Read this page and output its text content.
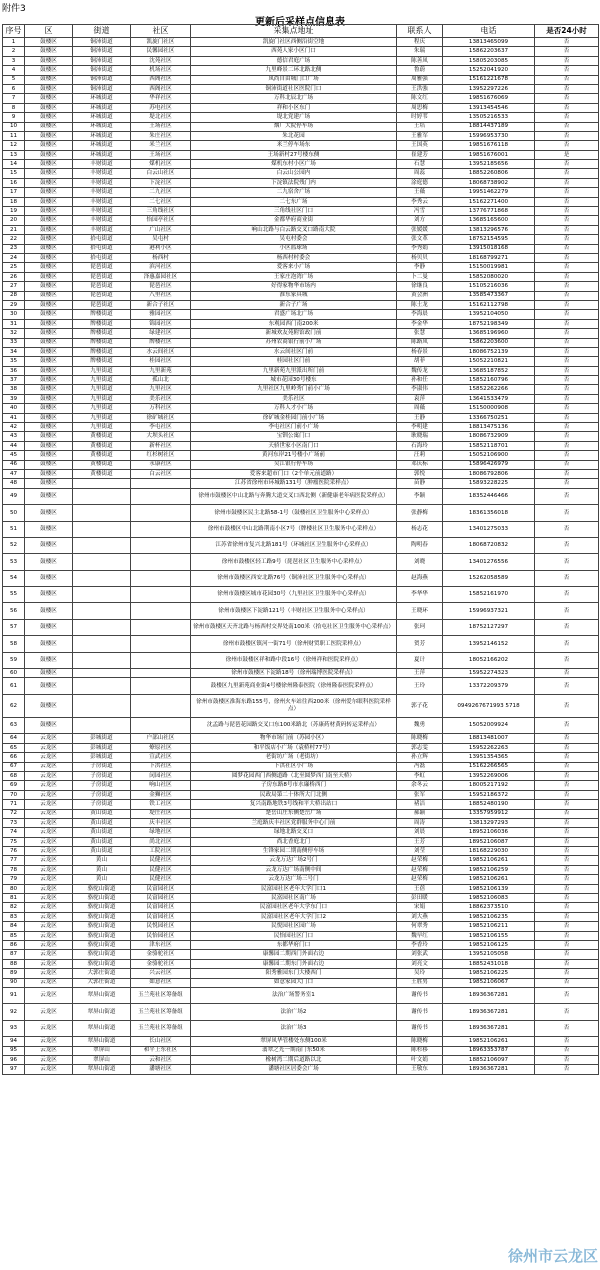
附件3
更新后采样点信息表
序号	区	街道	社区	采集点地址	联系人	电话	是否24小时
1	鼓楼区	铜沛街道	凯旋门社区	凯旋门社区西侧沿街空地	程庆	13813465099	否
2	鼓楼区	铜沛街道	民馨园社区	西苑人家小区门口	朱瑞	15862203637	否
3	鼓楼区	铜沛街道	沈苑社区	德信君庭广场	陈善凤	15805203085	否
4	鼓楼区	铜沛街道	机场社区	九里峰景二环北路北侧	鲁蔚	15252041920	否
5	鼓楼区	铜沛街道	西阁社区	凤尚自由城门口广场	周雅强	15161221678	否
6	鼓楼区	铜沛街道	西阁社区	铜沛街道社区医院门口	王洪強	13952297226	否
7	鼓楼区	环城街道	华祥社区	万科北辰北广场	陈文红	19851676069	否
8	鼓楼区	环城街道	苏电社区	祥和小区东门	周思梅	13913454546	否
9	鼓楼区	环城街道	堤北社区	堤北党建广场	时婷苇	13505216533	否
10	鼓楼区	环城街道	王场社区	烟厂大院停车场	王培	18814437189	否
11	鼓楼区	环城街道	朱庄社区	朱北花园	王雅军	15996953730	否
12	鼓楼区	环城街道	米兰社区	米兰停车场东	王国英	19851676118	否
13	鼓楼区	环城街道	王场社区	王场新村27号楼东侧	崔建芳	19851676001	是
14	鼓楼区	丰财街道	煤机社区	煤机东村小区广场	石慧	13952185656	否
15	鼓楼区	丰财街道	白云山社区	白云山公园内	周蕊	18852260806	否
16	鼓楼区	丰财街道	下淀社区	下淀镇法院残门内	涂庭德	18068738902	否
17	鼓楼区	丰财街道	二九社区	二九宿舍广场	王薇	19951462279	否
18	鼓楼区	丰财街道	二七社区	二七东广场	李秀云	15162271400	否
19	鼓楼区	丰财街道	三角线社区	三角线社区门口	冯雪	13776771868	否
20	鼓楼区	丰财街道	怡园亭社区	金都华府商业街	刘方	13685165600	否
21	鼓楼区	丰财街道	广山社区	响山北路与白云路交叉口路南大院	张媛媛	13813296576	否
22	鼓楼区	拾屯街道	吴屯村	吴屯村委会	张文革	18752154595	否
23	鼓楼区	拾屯街道	港利小区	小区篮球场	李秀娟	13915018168	否
24	鼓楼区	拾屯街道	杨西村	杨西村村委会	杨贝贝	18168799271	否
25	鼓楼区	琵琶街道	滨河社区	爱客来小广场	李静	15150019981	否
26	鼓楼区	琵琶街道	泽惠嘉园社区	王家庄泡湾广场	卜二曼	15852080020	否
27	鼓楼区	琵琶街道	琵琶社区	好得家物华市场内	徐继良	15105216036	否
28	鼓楼区	琵琶街道	八里社区	淮东家具城	黄会洲	13585473367	否
29	鼓楼区	琵琶街道	新合子社区	新合子广场	陈士龙	15162112798	否
30	鼓楼区	牌楼街道	雅园社区	君盛广场北广场	李海晨	13952104050	否
31	鼓楼区	牌楼街道	锦园社区	东观园西门南200米	李金华	18752198349	否
32	鼓楼区	牌楼街道	绿建社区	新城欢友苑附馆政门前	张慧	13685196960	否
33	鼓楼区	牌楼街道	牌楼社区	苏州农商银行前小广场	陈路凤	15862203600	否
34	鼓楼区	牌楼街道	水云间社区	水云间社区门前	杨春景	18086752139	否
35	鼓楼区	牌楼街道	桂园社区	桂园社区门前	胡菲	15052210821	否
36	鼓楼区	九里街道	九里新苑	九里新苑九里派出所门前	魏传龙	13685187852	否
37	鼓楼区	九里街道	孤山北	城市花园30号楼东	孙和任	15852160796	否
38	鼓楼区	九里街道	九里社区	九里社区九里岭秀门前小广场	李淑伟	15852262266	否
39	鼓楼区	九里街道	美乐社区	美乐社区	袁萍	13641533479	否
40	鼓楼区	九里街道	万科社区	万科人才小广场	周薇	15150000908	否
41	鼓楼区	九里街道	徐矿城社区	徐矿城金桂园门前小广场	王静	13366750251	否
42	鼓楼区	九里街道	李屯社区	李屯社区门前小广场	李明建	18813475136	否
43	鼓楼区	黄楼街道	大坝头社区	宝钏公寓门口	耿晓瑞	18086732909	否
44	鼓楼区	黄楼街道	新杯社区	天骄世家小区南门口	石海玲	15852118701	否
45	鼓楼区	黄楼街道	红杉树社区	黄河东岸21号楼小广场前	汪莉	15052106900	否
46	鼓楼区	黄楼街道	永康社区	吴江银行停车场	邓庆标	15896426979	否
47	鼓楼区	黄楼街道	白云社区	爱客来超市门口（2个单元前道路）	郭悦	18086792806	否
48	鼓楼区			江苏省徐州市环城路131号（肿瘤医院采样点）	苗静	15893228225	否
49	鼓楼区			徐州市鼓楼区中山北路与奔腾大道交叉口西北侧（新健康老年病医院采样点）	李颖	18352446466	否
50	鼓楼区			徐州市鼓楼区民主北路58-1号（鼓楼社区卫生服务中心采样点）	张静梅	18361356018	否
51	鼓楼区			徐州市鼓楼区中山北路荆南小区7号（牌楼社区卫生服务中心采样点）	杨志花	13401275033	否
52	鼓楼区			江苏省徐州市复兴北路181号（环城社区卫生服务中心采样点）	陶明春	18068720832	否
53	鼓楼区			徐州市鼓楼区轻工路9号（琵琶社区卫生服务中心采样点）	刘晓	13401276556	否
54	鼓楼区			徐州市鼓楼区西安北路76号（铜沛社区卫生服务中心采样点）	赵海燕	15262058589	否
55	鼓楼区			徐州市鼓楼区城市花园30号（九里社区卫生服务中心采样点）	李华华	15852161970	否
56	鼓楼区			徐州市鼓楼区下淀路121号（丰财社区卫生服务中心采样点）	王晓环	15996937321	否
57	鼓楼区			徐州市鼓楼区天齐北路与杨西村交界处南100米（拾屯社区卫生服务中心采样点）	张珂	18752127297	否
58	鼓楼区			徐州市鼓楼区镇河一街71号（徐州财贸职工医院采样点）	贺芳	13952146152	否
59	鼓楼区			徐州市鼓楼区祥和路中段16号（徐州祥和医院采样点）	夏计	18052166202	否
60	鼓楼区			徐州市鼓楼区下淀路18号（徐州瑞博医院采样点）	王萍	15952274323	否
61	鼓楼区			鼓楼区九里新苑商业街4号楼徐州隆泰医院（徐州隆泰医院采样点）	王玲	13372209379	否
62	鼓楼区			徐州市鼓楼区淮海东路155号，徐州火车站往西200米（徐州爱尔眼科医院采样点）	郭子花	0949267671993 5718	否
63	鼓楼区			沈孟路与琵琶花园路交叉口东100米路北（苏康药材黄码转运采样点）	魏勇	15052009924	否
64	云龙区	彭城街道	户部山社区	物华市场门前（苏园小区）	陈晓梅	18813481007	否
65	云龙区	彭城街道	燎原社区	和平饭店小广场（袁桥村77号）	郭志雯	15952262263	否
66	云龙区	彭城街道	宣武社区	老街坊广场（老街坊）	孙立辉	13951354365	否
67	云龙区	子房街道	下洪社区	下洪社区小广场	冯磊	15162266565	否
68	云龙区	子房街道	闵园社区	圆梦花园西门西侧道路（北至圆梦西门南至天桥）	李虹	13952269006	否
69	云龙区	子房街道	响山社区	子房东路8号市水廉桥西门	余冬云	18005217192	否
70	云龙区	子房街道	金狮社区	民政局第二十体所大门北侧	张军	15952186372	否
71	云龙区	子房街道	铁工社区	复兴南路地铁3号线和平大桥出站口	褚洁	18852480190	否
72	云龙区	黄山街道	堤庄社区	楚岳山庄东侧楚岳广场	郝颖	13357959912	否
73	云龙区	黄山街道	庆丰社区	兰庭路庆丰社区党群服务中心门前	周涛	13813297293	否
74	云龙区	黄山街道	绿地社区	绿地北路交叉口	刘晨	18952106036	否
75	云龙区	黄山街道	尚北社区	尚北香庭北门	王芳	18952106087	否
76	云龙区	黄山街道	工院社区	生锋家园二期南侧停车场	刘莹	18168229030	否
77	云龙区	黄山	民健社区	云龙万达广场2号门	赵荣梅	19852106261	否
78	云龙区	黄山	民健社区	云龙万达广场南侧中间	赵荣梅	19852106259	否
79	云龙区	黄山	民健社区	云龙万达广场三号门	赵荣梅	19852106261	否
80	云龙区	骆驼山街道	民富园社区	民富园社区老年大学门口1	王蓓	19852106139	否
81	云龙区	骆驼山街道	民富园社区	民富园社区南广场	彭田暖	19852106083	否
82	云龙区	骆驼山街道	民富园社区	民富园社区老年大学东门口	宋娟	18862373510	否
83	云龙区	骆驼山街道	民富园社区	民富园社区老年大学门口2	刘大燕	19852106235	否
84	云龙区	骆驼山街道	民悦园社区	民悦园社区园广场	何翠秀	19852106211	否
85	云龙区	骆驼山街道	民怡园社区	民怡园社区门口	魏早红	19852106155	否
86	云龙区	骆驼山街道	津东社区	东都华府门口	李香玲	19852106125	否
87	云龙区	骆驼山街道	金骆驼社区	康馨园二期西门外面右边	刘张武	13952105058	否
88	云龙区	骆驼山街道	金骆驼社区	康馨园二期东门外面右边	刘亮文	18852431018	否
89	云龙区	大郭庄街道	兴云社区	阳秀雅园东门大楼西门	吴玲	19852106225	否
90	云龙区	大郭庄街道	如意社区	如意家园大门口	王胜男	19852106067	否
91	云龙区	翠屏山街道	玉兰苑社区筹备组	法治广场警务室1	谢传书	18936367281	否
92	云龙区	翠屏山街道	玉兰苑社区筹备组	法治广场2	谢传书	18936367281	否
93	云龙区	翠屏山街道	玉兰苑社区筹备组	法治广场3	谢传书	18936367281	否
94	云龙区	翠屏山街道	长山社区	翠屏凤华管楼处东侧100米	陈晓梅	19852106261	否
95	云龙区	翠屏山	和平上东社区	翡翠之光一期南门东50米	陈杉移	18963353787	否
96	云龙区	翠屏山	云和社区	橡树湾二期后道路以北	叶文娟	18852106097	否
97	云龙区	翠屏山街道	潘塘社区	潘塘社区居委会广场	王敬东	18936367281	否
徐州市云龙区
